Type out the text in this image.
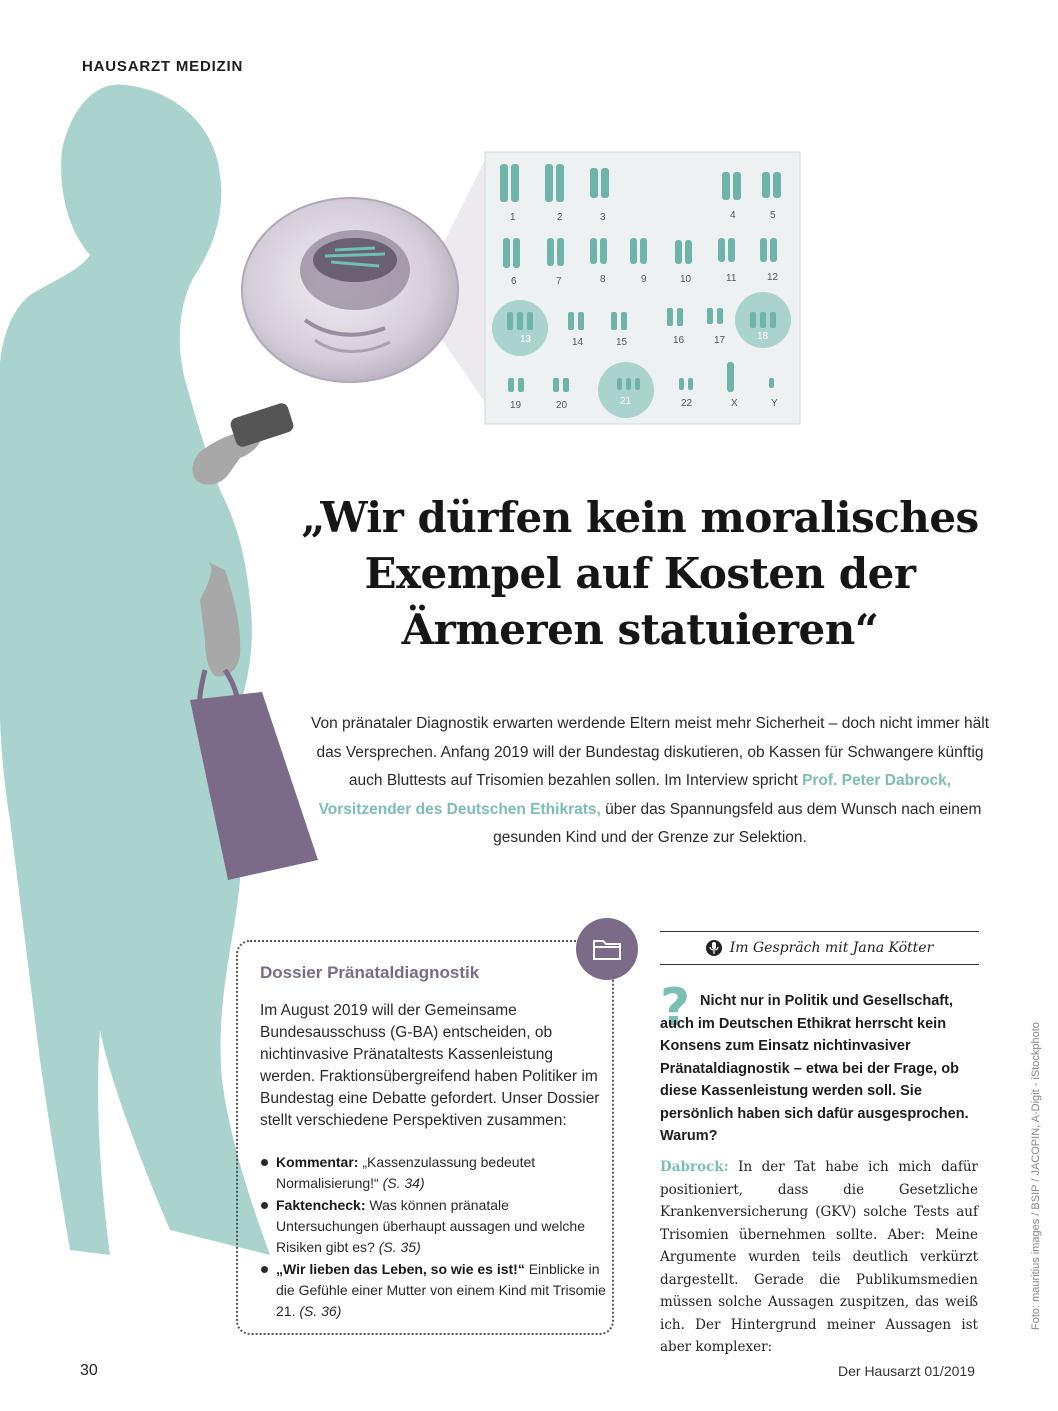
HAUSARZT MEDIZIN
1	2	3	4	5
6	7	8	9	10	11	12
13	14	15	16	17	18
19	20	21	22	X	Y
„Wir dürfen kein moralisches
Exempel auf Kosten der
Ärmeren statuieren“

Von pränataler Diagnostik erwarten werdende Eltern meist mehr Sicherheit – doch nicht immer hält das Versprechen. Anfang 2019 will der Bundestag diskutieren, ob Kassen für Schwangere künftig auch Bluttests auf Trisomien bezahlen sollen. Im Interview spricht Prof. Peter Dabrock, Vorsitzender des Deutschen Ethikrats, über das Spannungsfeld aus dem Wunsch nach einem gesunden Kind und der Grenze zur Selektion.

Dossier Pränataldiagnostik

Im August 2019 will der Gemeinsame Bundesausschuss (G-BA) entscheiden, ob nichtinvasive Pränataltests Kassenleistung werden. Fraktionsübergreifend haben Politiker im Bundestag eine Debatte gefordert. Unser Dossier stellt verschiedene Perspektiven zusammen:

Kommentar: „Kassenzulassung bedeutet Normalisierung!“ (S. 34)
Faktencheck: Was können pränatale Untersuchungen überhaupt aussagen und welche Risiken gibt es? (S. 35)
„Wir lieben das Leben, so wie es ist!“ Einblicke in die Gefühle einer Mutter von einem Kind mit Trisomie 21. (S. 36)
Im Gespräch mit Jana Kötter
? Nicht nur in Politik und Gesellschaft, auch im Deutschen Ethikrat herrscht kein Konsens zum Einsatz nichtinvasiver Pränataldiagnostik – etwa bei der Frage, ob diese Kassenleistung werden soll. Sie persönlich haben sich dafür ausgesprochen. Warum?

Dabrock: In der Tat habe ich mich dafür positioniert, dass die Gesetzliche Krankenversicherung (GKV) solche Tests auf Trisomien übernehmen sollte. Aber: Meine Argumente wurden teils deutlich verkürzt dargestellt. Gerade die Publikumsmedien müssen solche Aussagen zuspitzen, das weiß ich. Der Hintergrund meiner Aussagen ist aber komplexer:

Foto: mauritius images / BSIP / JACOPIN, A-Digit - iStockphoto
30	Der Hausarzt 01/2019
